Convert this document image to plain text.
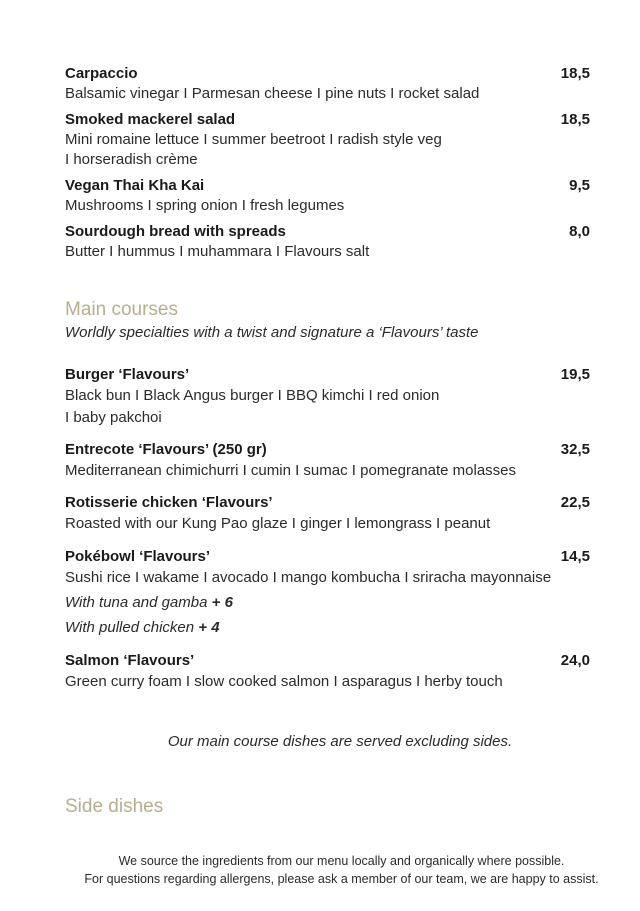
Carpaccio	18,5
Balsamic vinegar I Parmesan cheese I pine nuts I rocket salad
Smoked mackerel salad	18,5
Mini romaine lettuce I summer beetroot I radish style veg
I horseradish crème
Vegan Thai Kha Kai	9,5
Mushrooms I spring onion I fresh legumes
Sourdough bread with spreads	8,0
Butter I hummus I muhammara I Flavours salt
Main courses
Worldly specialties with a twist and signature a ‘Flavours’ taste
Burger ‘Flavours’	19,5
Black bun I Black Angus burger I BBQ kimchi I red onion
I baby pakchoi
Entrecote ‘Flavours’ (250 gr)	32,5
Mediterranean chimichurri I cumin I sumac I pomegranate molasses
Rotisserie chicken ‘Flavours’	22,5
Roasted with our Kung Pao glaze I ginger I lemongrass I peanut
Pokébowl ‘Flavours’	14,5
Sushi rice I wakame I avocado I mango kombucha I sriracha mayonnaise
With tuna and gamba + 6
With pulled chicken + 4
Salmon ‘Flavours’	24,0
Green curry foam I slow cooked salmon I asparagus I herby touch
Our main course dishes are served excluding sides.
Side dishes
We source the ingredients from our menu locally and organically where possible.
For questions regarding allergens, please ask a member of our team, we are happy to assist.
